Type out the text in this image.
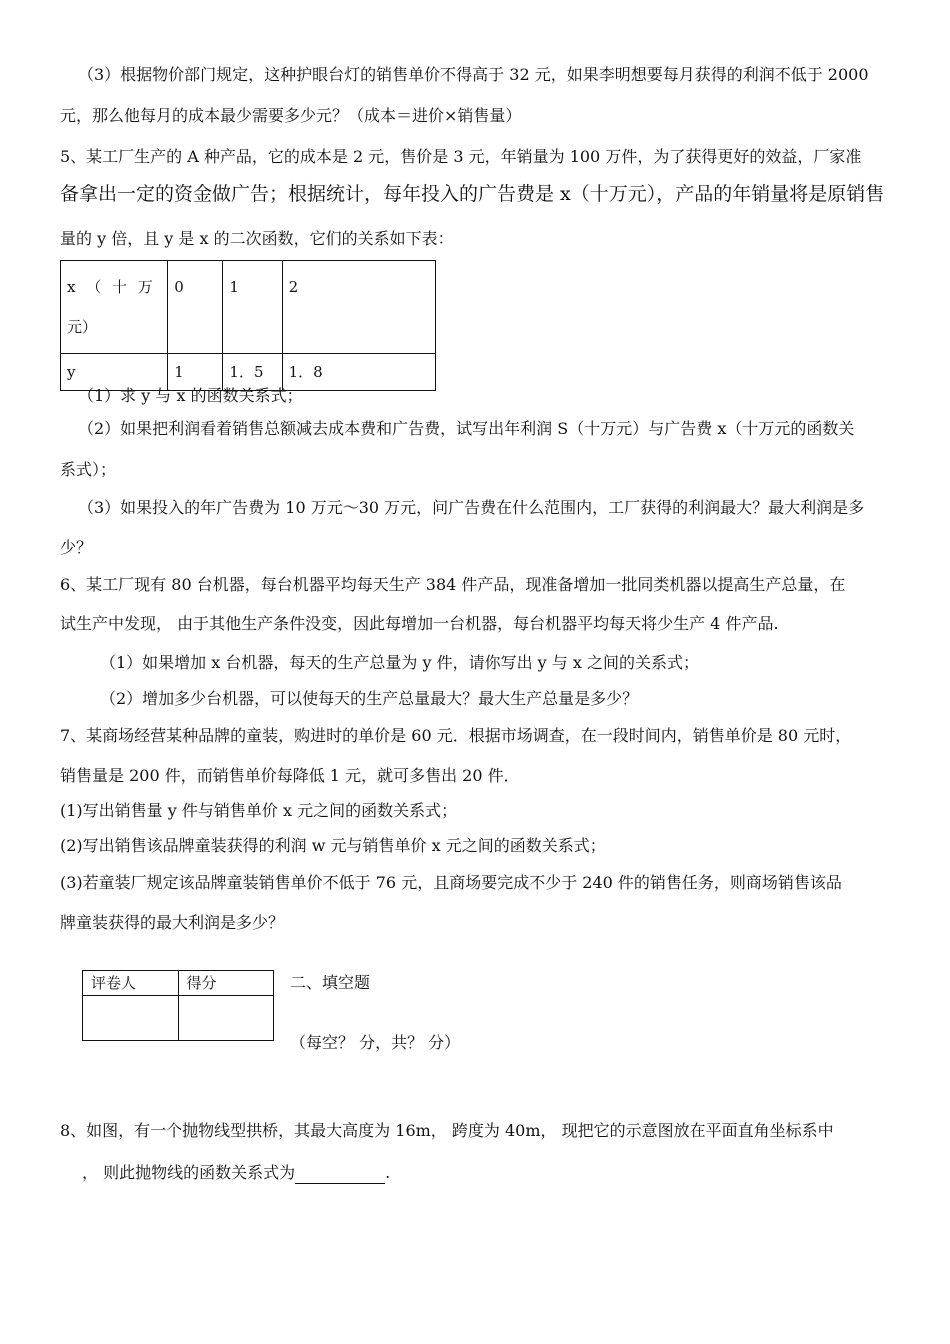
（3）根据物价部门规定，这种护眼台灯的销售单价不得高于 32 元，如果李明想要每月获得的利润不低于 2000
元，那么他每月的成本最少需要多少元？（成本＝进价×销售量）
5、某工厂生产的 A 种产品，它的成本是 2 元，售价是 3 元，年销量为 100 万件，为了获得更好的效益，厂家准
备拿出一定的资金做广告；根据统计，每年投入的广告费是 x（十万元），产品的年销量将是原销售
量的 y 倍，且 y 是 x 的二次函数，它们的关系如下表：
x （ 十 万 元）	0	1	2
y	1	1．5	1．8
（1）求 y 与 x 的函数关系式；
（2）如果把利润看着销售总额减去成本费和广告费，试写出年利润 S（十万元）与广告费 x（十万元的函数关
系式）；
（3）如果投入的年广告费为 10 万元～30 万元，问广告费在什么范围内，工厂获得的利润最大？最大利润是多
少？
6、某工厂现有 80 台机器，每台机器平均每天生产 384 件产品，现准备增加一批同类机器以提高生产总量，在
试生产中发现， 由于其他生产条件没变，因此每增加一台机器，每台机器平均每天将少生产 4 件产品.
（1）如果增加 x 台机器，每天的生产总量为 y 件，请你写出 y 与 x 之间的关系式；
（2）增加多少台机器，可以使每天的生产总量最大？最大生产总量是多少？
7、某商场经营某种品牌的童装，购进时的单价是 60 元．根据市场调查，在一段时间内，销售单价是 80 元时，
销售量是 200 件，而销售单价每降低 1 元，就可多售出 20 件．
(1)写出销售量 y 件与销售单价 x 元之间的函数关系式；
(2)写出销售该品牌童装获得的利润 w 元与销售单价 x 元之间的函数关系式；
(3)若童装厂规定该品牌童装销售单价不低于 76 元，且商场要完成不少于 240 件的销售任务，则商场销售该品
牌童装获得的最大利润是多少？
评卷人	得分
		二、填空题
（每空？ 分，共？ 分）
8、如图，有一个抛物线型拱桥，其最大高度为 16m， 跨度为 40m， 现把它的示意图放在平面直角坐标系中
， 则此抛物线的函数关系式为	.
